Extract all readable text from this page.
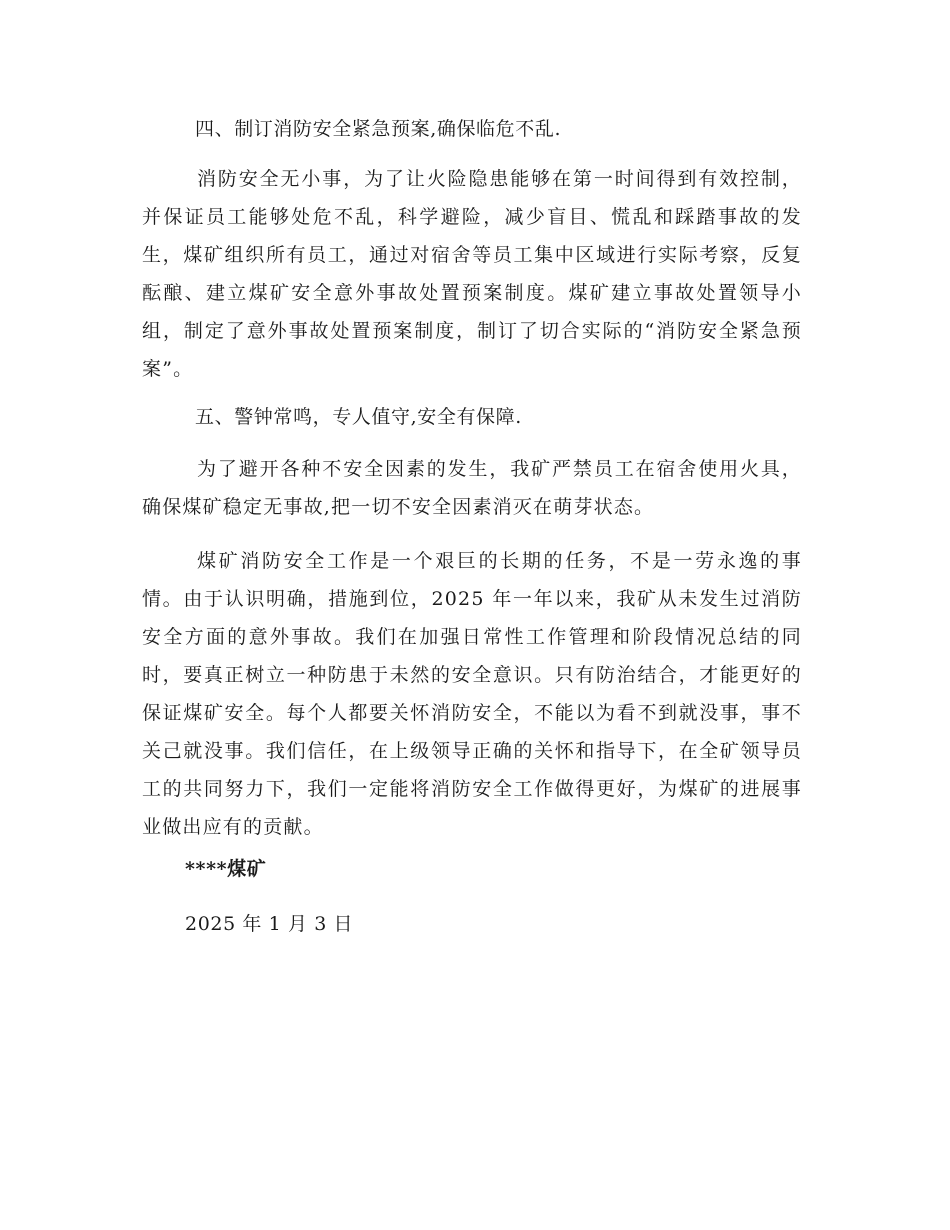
四、制订消防安全紧急预案,确保临危不乱.

消防安全无小事，为了让火险隐患能够在第一时间得到有效控制，并保证员工能够处危不乱，科学避险，减少盲目、慌乱和踩踏事故的发生，煤矿组织所有员工，通过对宿舍等员工集中区域进行实际考察，反复酝酿、建立煤矿安全意外事故处置预案制度。煤矿建立事故处置领导小组，制定了意外事故处置预案制度，制订了切合实际的“消防安全紧急预案”。

五、警钟常鸣，专人值守,安全有保障.

为了避开各种不安全因素的发生，我矿严禁员工在宿舍使用火具，确保煤矿稳定无事故,把一切不安全因素消灭在萌芽状态。

煤矿消防安全工作是一个艰巨的长期的任务，不是一劳永逸的事情。由于认识明确，措施到位，2025 年一年以来，我矿从未发生过消防安全方面的意外事故。我们在加强日常性工作管理和阶段情况总结的同时，要真正树立一种防患于未然的安全意识。只有防治结合，才能更好的保证煤矿安全。每个人都要关怀消防安全，不能以为看不到就没事，事不关己就没事。我们信任，在上级领导正确的关怀和指导下，在全矿领导员工的共同努力下，我们一定能将消防安全工作做得更好，为煤矿的进展事业做出应有的贡献。

****煤矿

2025 年 1 月 3 日
